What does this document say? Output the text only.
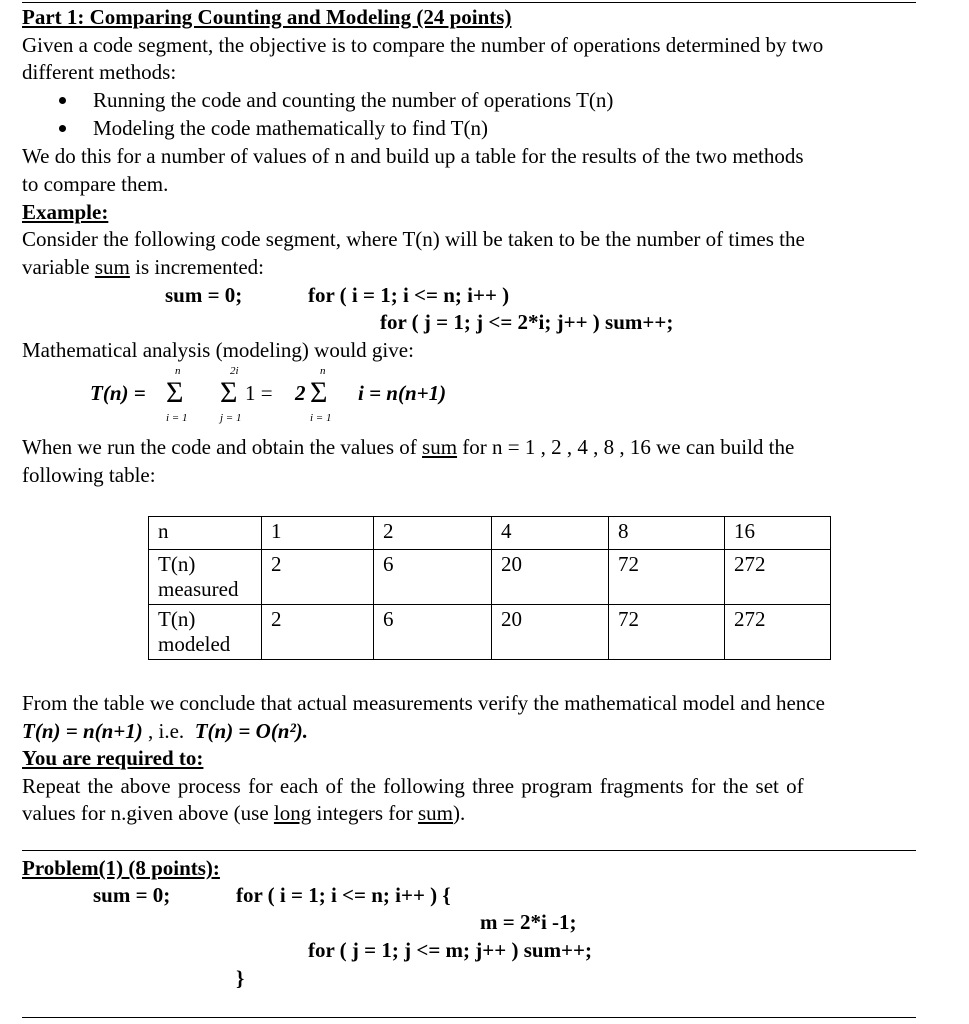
Part 1: Comparing Counting and Modeling (24 points)
Given a code segment, the objective is to compare the number of operations determined by two
different methods:
Running the code and counting the number of operations T(n)
Modeling the code mathematically to find T(n)
We do this for a number of values of n and build up a table for the results of the two methods
to compare them.
Example:
Consider the following code segment, where T(n) will be taken to be the number of times the
variable sum is incremented:
sum = 0;	for ( i = 1; i <= n; i++ )
for ( j = 1; j <= 2*i; j++ ) sum++;
Mathematical analysis (modeling) would give:
T(n) =
n
Σ
i = 1
2i
Σ
j = 1
1 = 2
n
Σ
i = 1
i = n(n+1)
When we run the code and obtain the values of sum for n = 1 , 2 , 4 , 8 , 16 we can build the
following table:
n	1	2	4	8	16
T(n)
measured	2	6	20	72	272
T(n)
modeled	2	6	20	72	272
From the table we conclude that actual measurements verify the mathematical model and hence
T(n) = n(n+1) , i.e.  T(n) = O(n²).
You are required to:
Repeat the above process for each of the following three program fragments for the set of
values for n.given above (use long integers for sum).
Problem(1) (8 points):
sum = 0;	for ( i = 1; i <= n; i++ ) {
m = 2*i -1;
for ( j = 1; j <= m; j++ ) sum++;
}
